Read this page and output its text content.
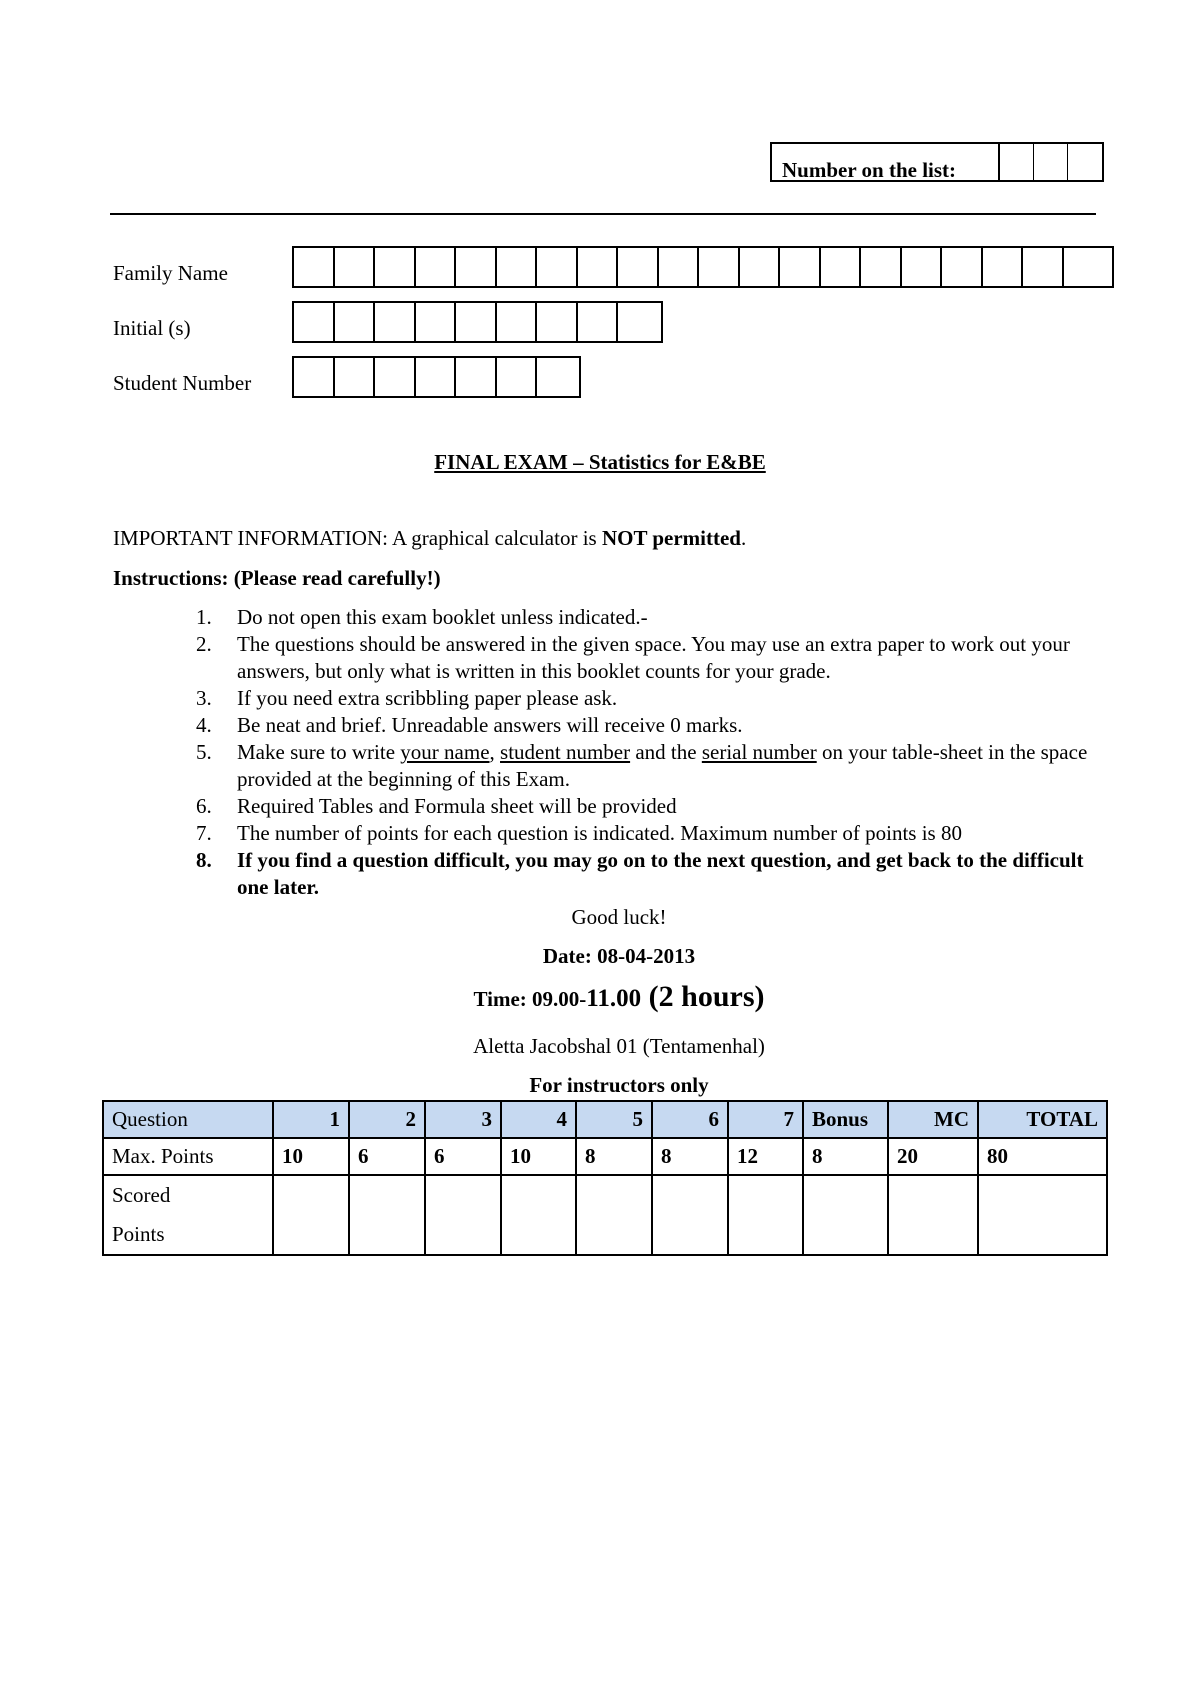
Number on the list:
Family Name
Initial (s)
Student Number
FINAL EXAM – Statistics for E&BE
IMPORTANT INFORMATION: A graphical calculator is NOT permitted.
Instructions: (Please read carefully!)
1. Do not open this exam booklet unless indicated.-
2. The questions should be answered in the given space. You may use an extra paper to work out your answers, but only what is written in this booklet counts for your grade.
3. If you need extra scribbling paper please ask.
4. Be neat and brief. Unreadable answers will receive 0 marks.
5. Make sure to write your name, student number and the serial number on your table-sheet in the space provided at the beginning of this Exam.
6. Required Tables and Formula sheet will be provided
7. The number of points for each question is indicated. Maximum number of points is 80
8. If you find a question difficult, you may go on to the next question, and get back to the difficult one later.
Good luck!
Date: 08-04-2013
Time: 09.00-11.00 (2 hours)
Aletta Jacobshal 01 (Tentamenhal)
For instructors only
Question	1	2	3	4	5	6	7	Bonus	MC	TOTAL
Max. Points	10	6	6	10	8	8	12	8	20	80

Scored
Points										
